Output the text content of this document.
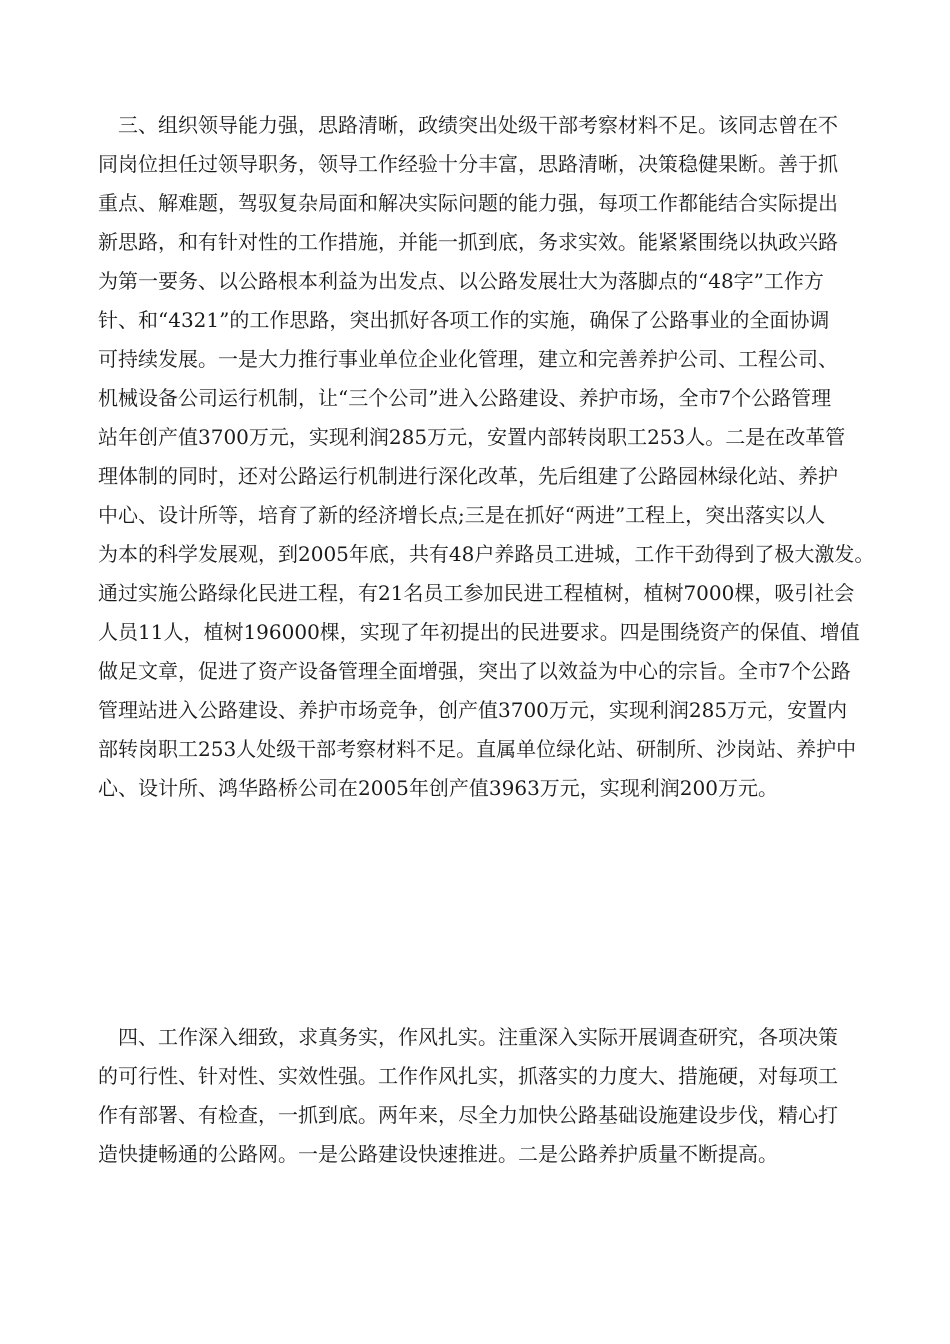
三、组织领导能力强，思路清晰，政绩突出处级干部考察材料不足。该同志曾在不
同岗位担任过领导职务，领导工作经验十分丰富，思路清晰，决策稳健果断。善于抓
重点、解难题，驾驭复杂局面和解决实际问题的能力强，每项工作都能结合实际提出
新思路，和有针对性的工作措施，并能一抓到底，务求实效。能紧紧围绕以执政兴路
为第一要务、以公路根本利益为出发点、以公路发展壮大为落脚点的“48字”工作方
针、和“4321”的工作思路，突出抓好各项工作的实施，确保了公路事业的全面协调
可持续发展。一是大力推行事业单位企业化管理，建立和完善养护公司、工程公司、
机械设备公司运行机制，让“三个公司”进入公路建设、养护市场，全市7个公路管理
站年创产值3700万元，实现利润285万元，安置内部转岗职工253人。二是在改革管
理体制的同时，还对公路运行机制进行深化改革，先后组建了公路园林绿化站、养护
中心、设计所等，培育了新的经济增长点;三是在抓好“两进”工程上，突出落实以人
为本的科学发展观，到2005年底，共有48户养路员工进城，工作干劲得到了极大激发。
通过实施公路绿化民进工程，有21名员工参加民进工程植树，植树7000棵，吸引社会
人员11人，植树196000棵，实现了年初提出的民进要求。四是围绕资产的保值、增值
做足文章，促进了资产设备管理全面增强，突出了以效益为中心的宗旨。全市7个公路
管理站进入公路建设、养护市场竞争，创产值3700万元，实现利润285万元，安置内
部转岗职工253人处级干部考察材料不足。直属单位绿化站、研制所、沙岗站、养护中
心、设计所、鸿华路桥公司在2005年创产值3963万元，实现利润200万元。
四、工作深入细致，求真务实，作风扎实。注重深入实际开展调查研究，各项决策
的可行性、针对性、实效性强。工作作风扎实，抓落实的力度大、措施硬，对每项工
作有部署、有检查，一抓到底。两年来，尽全力加快公路基础设施建设步伐，精心打
造快捷畅通的公路网。一是公路建设快速推进。二是公路养护质量不断提高。
